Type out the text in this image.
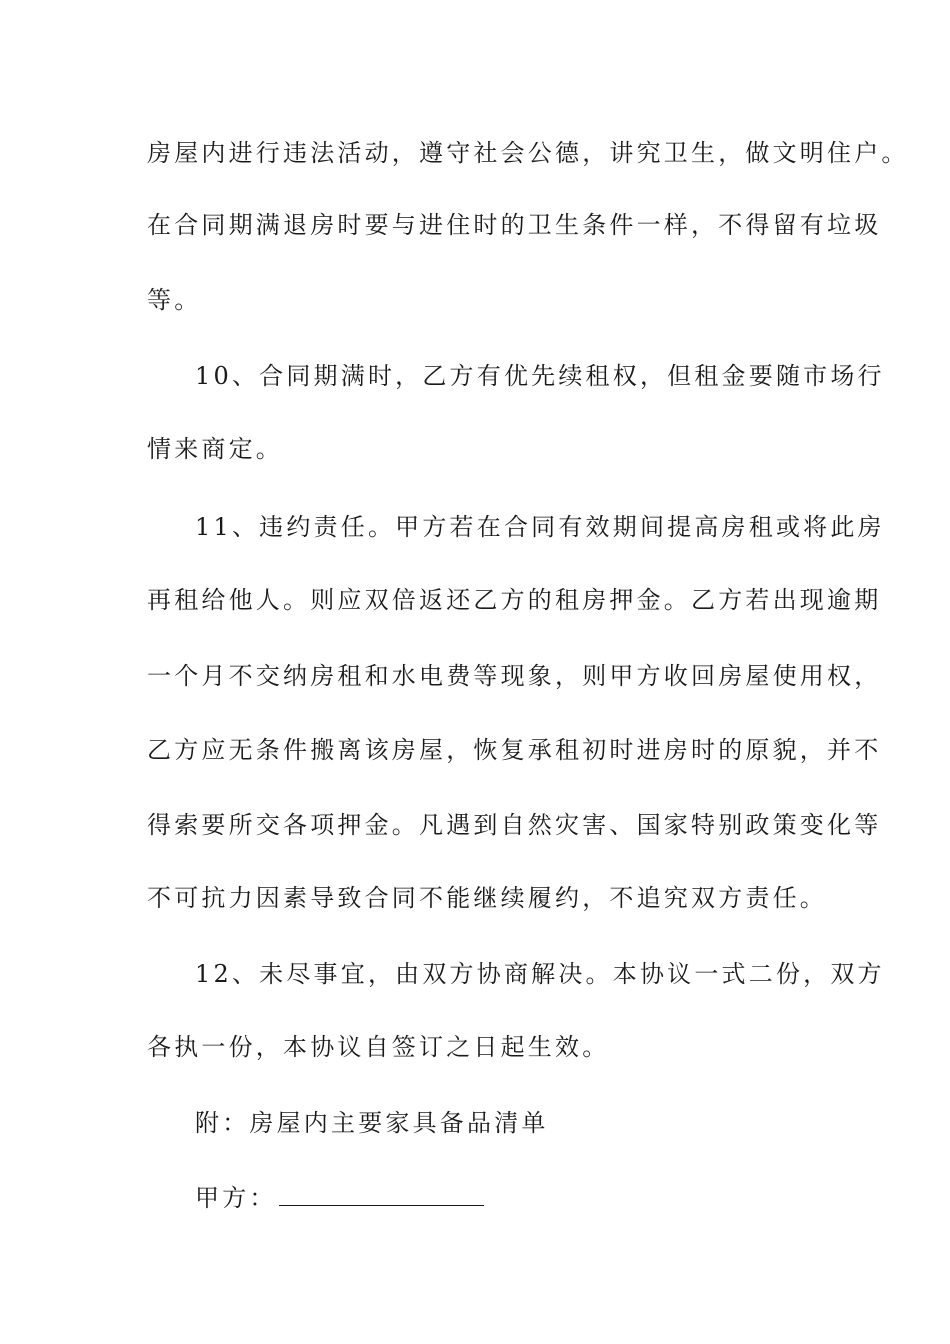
房屋内进行违法活动，遵守社会公德，讲究卫生，做文明住户。
在合同期满退房时要与进住时的卫生条件一样，不得留有垃圾
等。
10、合同期满时，乙方有优先续租权，但租金要随市场行
情来商定。
11、违约责任。甲方若在合同有效期间提高房租或将此房
再租给他人。则应双倍返还乙方的租房押金。乙方若出现逾期
一个月不交纳房租和水电费等现象，则甲方收回房屋使用权，
乙方应无条件搬离该房屋，恢复承租初时进房时的原貌，并不
得索要所交各项押金。凡遇到自然灾害、国家特别政策变化等
不可抗力因素导致合同不能继续履约，不追究双方责任。
12、未尽事宜，由双方协商解决。本协议一式二份，双方
各执一份，本协议自签订之日起生效。
附：房屋内主要家具备品清单
甲方：
